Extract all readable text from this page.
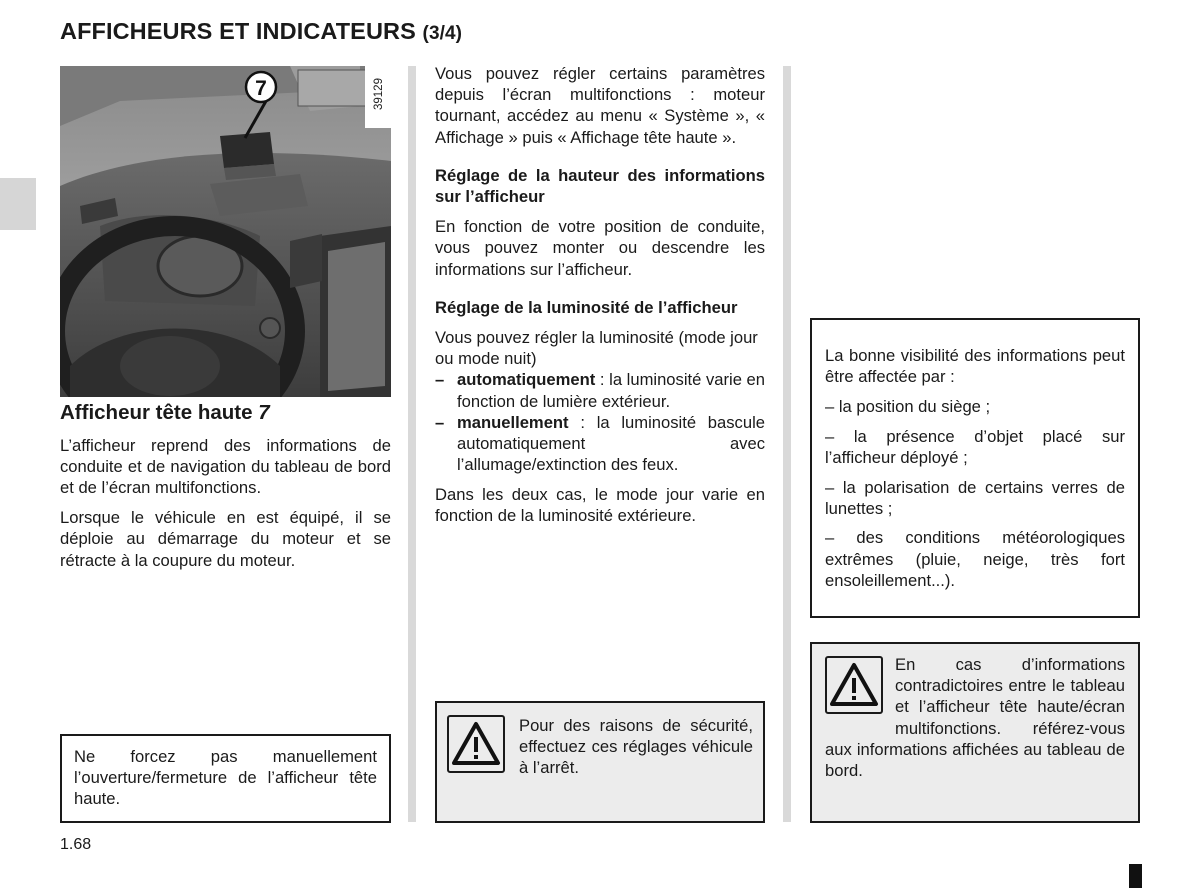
AFFICHEURS ET INDICATEURS (3/4)
7	39129
Afficheur tête haute 7

L’afficheur reprend des informations de conduite et de navigation du tableau de bord et de l’écran multifonctions.

Lorsque le véhicule en est équipé, il se déploie au démarrage du moteur et se rétracte à la coupure du moteur.

Ne forcez pas manuellement l’ouverture/fermeture de l’afficheur tête haute.

Vous pouvez régler certains paramètres depuis l’écran multifonctions : moteur tournant, accédez au menu « Système », « Affichage » puis « Affichage tête haute ».

Réglage de la hauteur des informations sur l’afficheur

En fonction de votre position de conduite, vous pouvez monter ou descendre les informations sur l’afficheur.

Réglage de la luminosité de l’afficheur

Vous pouvez régler la luminosité (mode jour ou mode nuit)

– automatiquement : la luminosité varie en fonction de lumière extérieur.
– manuellement : la luminosité bascule automatiquement avec l’allumage/extinction des feux.

Dans les deux cas, le mode jour varie en fonction de la luminosité extérieure.

Pour des raisons de sécurité, effectuez ces réglages véhicule à l’arrêt.

La bonne visibilité des informations peut être affectée par :

– la position du siège ;

– la présence d’objet placé sur l’afficheur déployé ;

– la polarisation de certains verres de lunettes ;

– des conditions météorologiques extrêmes (pluie, neige, très fort ensoleillement...).

En cas d’informations contradictoires entre le tableau et l’afficheur tête haute/écran multifonctions. référez-vous aux informations affichées au tableau de bord.
1.68
